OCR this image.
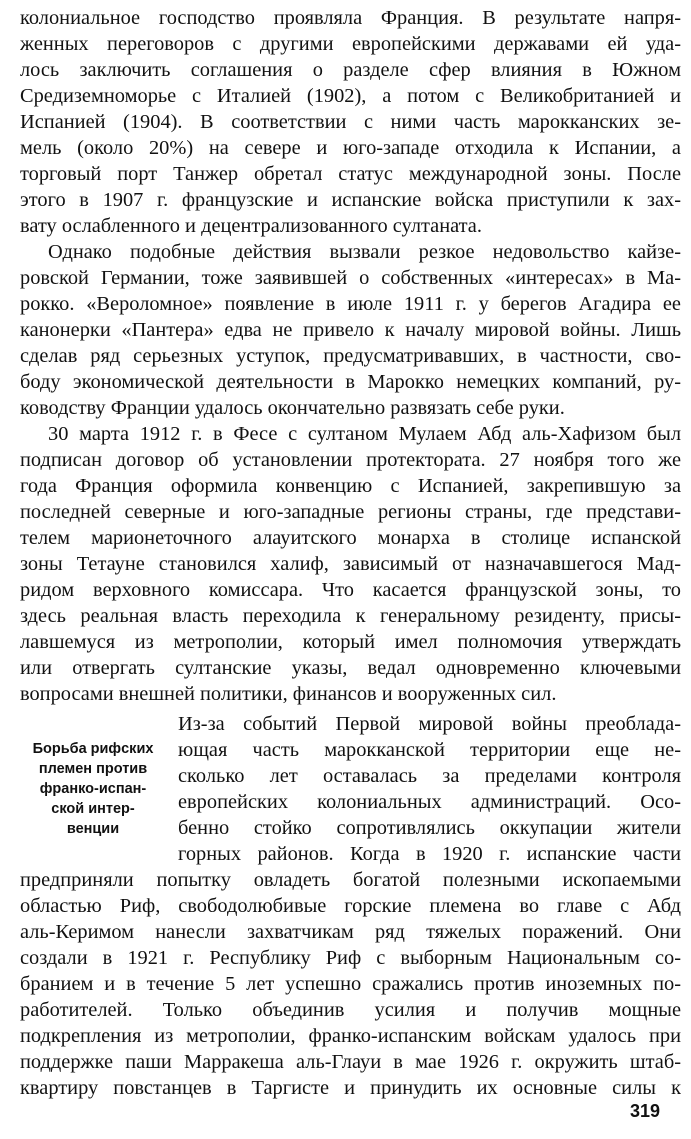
колониальное господство проявляла Франция. В результате напря-
женных переговоров с другими европейскими державами ей уда-
лось заключить соглашения о разделе сфер влияния в Южном
Средиземноморье с Италией (1902), а потом с Великобританией и
Испанией (1904). В соответствии с ними часть марокканских зе-
мель (около 20%) на севере и юго-западе отходила к Испании, а
торговый порт Танжер обретал статус международной зоны. После
этого в 1907 г. французские и испанские войска приступили к зах-
вату ослабленного и децентрализованного султаната.
Однако подобные действия вызвали резкое недовольство кайзе-
ровской Германии, тоже заявившей о собственных «интересах» в Ма-
рокко. «Вероломное» появление в июле 1911 г. у берегов Агадира ее
канонерки «Пантера» едва не привело к началу мировой войны. Лишь
сделав ряд серьезных уступок, предусматривавших, в частности, сво-
боду экономической деятельности в Марокко немецких компаний, ру-
ководству Франции удалось окончательно развязать себе руки.
30 марта 1912 г. в Фесе с султаном Мулаем Абд аль-Хафизом был
подписан договор об установлении протектората. 27 ноября того же
года Франция оформила конвенцию с Испанией, закрепившую за
последней северные и юго-западные регионы страны, где представи-
телем марионеточного алауитского монарха в столице испанской
зоны Тетауне становился халиф, зависимый от назначавшегося Мад-
ридом верховного комиссара. Что касается французской зоны, то
здесь реальная власть переходила к генеральному резиденту, присы-
лавшемуся из метрополии, который имел полномочия утверждать
или отвергать султанские указы, ведал одновременно ключевыми
вопросами внешней политики, финансов и вооруженных сил.
Борьба рифских
племен против
франко-испан-
ской интер-
венции
Из-за событий Первой мировой войны преоблада-
ющая часть марокканской территории еще не-
сколько лет оставалась за пределами контроля
европейских колониальных администраций. Осо-
бенно стойко сопротивлялись оккупации жители
горных районов. Когда в 1920 г. испанские части
предприняли попытку овладеть богатой полезными ископаемыми
областью Риф, свободолюбивые горские племена во главе с Абд
аль-Керимом нанесли захватчикам ряд тяжелых поражений. Они
создали в 1921 г. Республику Риф с выборным Национальным со-
бранием и в течение 5 лет успешно сражались против иноземных по-
работителей. Только объединив усилия и получив мощные
подкрепления из метрополии, франко-испанским войскам удалось при
поддержке паши Марракеша аль-Глауи в мае 1926 г. окружить штаб-
квартиру повстанцев в Таргисте и принудить их основные силы к
319
